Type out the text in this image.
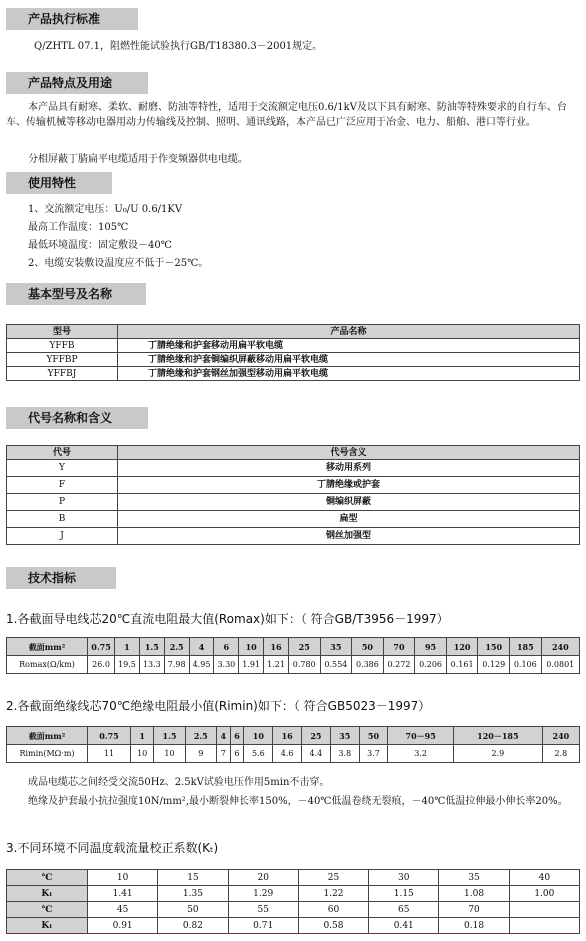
产品执行标准
Q/ZHTL 07.1，阻燃性能试验执行GB/T18380.3－2001规定。
产品特点及用途
本产品具有耐寒、柔软、耐磨、防油等特性，适用于交流额定电压0.6/1kV及以下具有耐寒、防油等特殊要求的自行车、台车、传输机械等移动电器用动力传输线及控制、照明、通讯线路，本产品已广泛应用于冶金、电力、船舶、港口等行业。
分相屏蔽丁腈扁平电缆适用于作变频器供电电缆。
使用特性
1、交流额定电压：U₀/U 0.6/1KV
最高工作温度：105℃
最低环境温度：固定敷设－40℃
2、电缆安装敷设温度应不低于－25℃。
基本型号及名称
型号	产品名称
YFFB	丁腈绝缘和护套移动用扁平软电缆
YFFBP	丁腈绝缘和护套铜编织屏蔽移动用扁平软电缆
YFFBJ	丁腈绝缘和护套钢丝加强型移动用扁平软电缆
代号名称和含义
代号	代号含义
Y	移动用系列
F	丁腈绝缘或护套
P	铜编织屏蔽
B	扁型
J	钢丝加强型
技术指标
1.各截面导电线芯20℃直流电阻最大值(Romax)如下：（ 符合GB/T3956－1997）
截面mm²	0.75	1	1.5	2.5	4	6	10	16	25	35	50	70	95	120	150	185	240
Romax(Ω/km)	26.0	19.5	13.3	7.98	4.95	3.30	1.91	1.21	0.780	0.554	0.386	0.272	0.206	0.161	0.129	0.106	0.0801
2.各截面绝缘线芯70℃绝缘电阻最小值(Rimin)如下：（ 符合GB5023－1997）
截面mm²	0.75	1	1.5	2.5	4	6	10	16	25	35	50	70－95	120－185	240
Rimin(MΩ·m)	11	10	10	9	7	6	5.6	4.6	4.4	3.8	3.7	3.2	2.9	2.8
成品电缆芯之间经受交流50Hz、2.5kV试验电压作用5min不击穿。
绝缘及护套最小抗拉强度10N/mm²,最小断裂伸长率150%，－40℃低温卷绕无裂痕，－40℃低温拉伸最小伸长率20%。
3.不同环境不同温度载流量校正系数(Kₜ)
℃	10	15	20	25	30	35	40
Kₜ	1.41	1.35	1.29	1.22	1.15	1.08	1.00
℃	45	50	55	60	65	70	
Kₜ	0.91	0.82	0.71	0.58	0.41	0.18	
